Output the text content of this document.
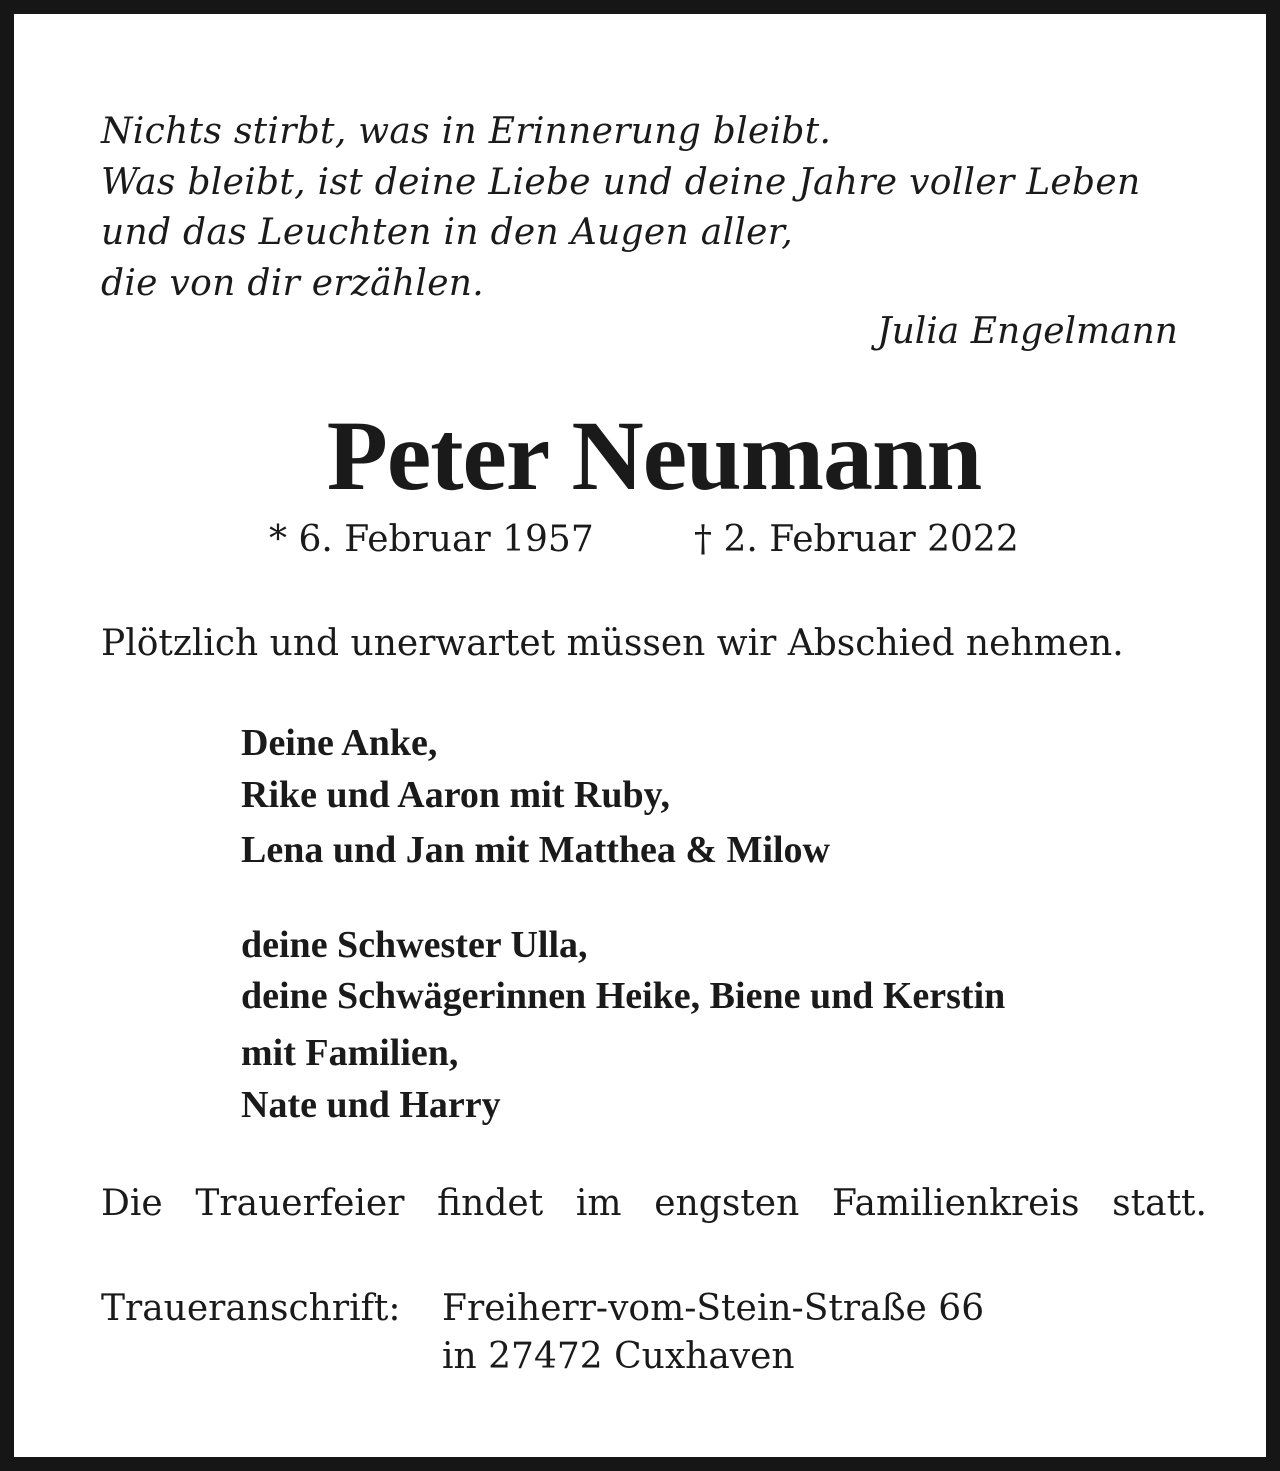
Nichts stirbt, was in Erinnerung bleibt.

Was bleibt, ist deine Liebe und deine Jahre voller Leben

und das Leuchten in den Augen aller,

die von dir erzählen.

Julia Engelmann

Peter Neumann

* 6. Februar 1957	† 2. Februar 2022

Plötzlich und unerwartet müssen wir Abschied nehmen.

Deine Anke,

Rike und Aaron mit Ruby,

Lena und Jan mit Matthea & Milow

deine Schwester Ulla,

deine Schwägerinnen Heike, Biene und Kerstin

mit Familien,

Nate und Harry

Die Trauerfeier findet im engsten Familienkreis statt.

Traueranschrift: Freiherr-vom-Stein-Straße 66

in 27472 Cuxhaven
